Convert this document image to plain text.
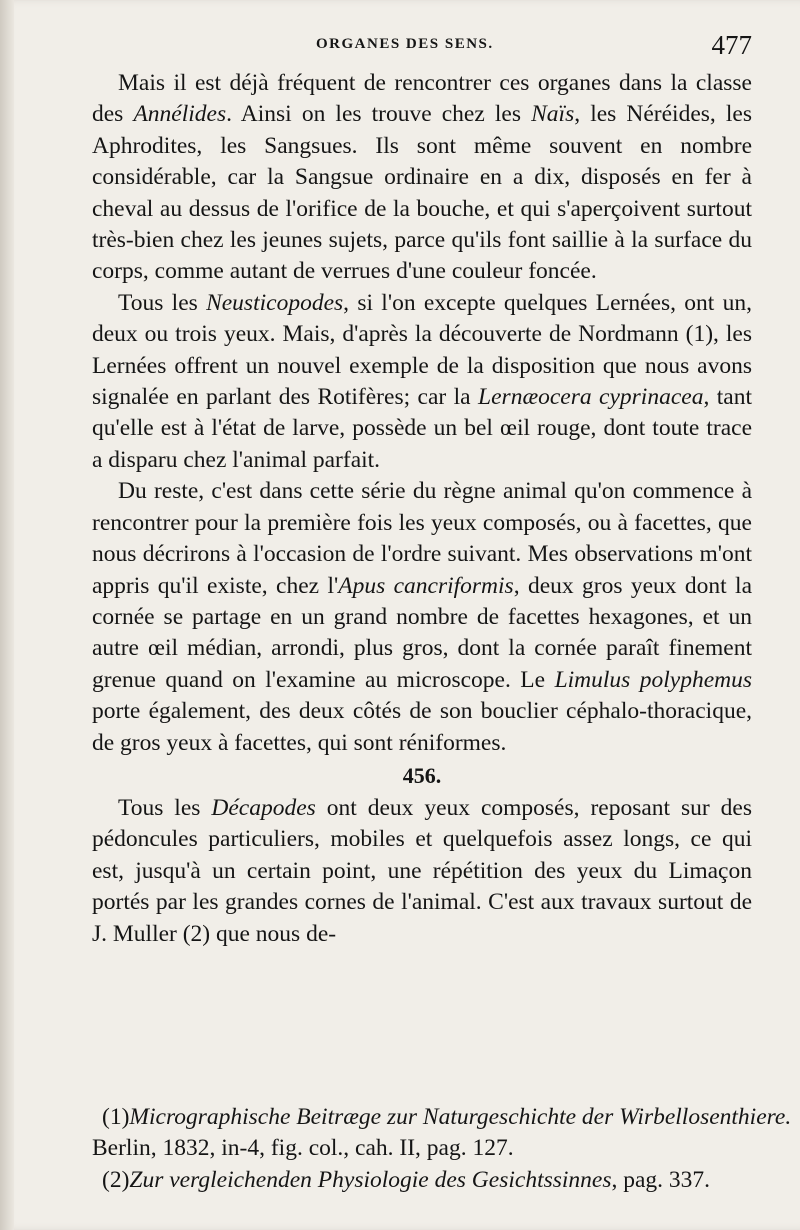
ORGANES DES SENS.	477

Mais il est déjà fréquent de rencontrer ces organes dans la classe des Annélides. Ainsi on les trouve chez les Naïs, les Néréides, les Aphrodites, les Sangsues. Ils sont même souvent en nombre considérable, car la Sangsue ordinaire en a dix, disposés en fer à cheval au dessus de l'orifice de la bouche, et qui s'aperçoivent surtout très-bien chez les jeunes sujets, parce qu'ils font saillie à la surface du corps, comme autant de verrues d'une couleur foncée.

Tous les Neusticopodes, si l'on excepte quelques Lernées, ont un, deux ou trois yeux. Mais, d'après la découverte de Nordmann (1), les Lernées offrent un nouvel exemple de la disposition que nous avons signalée en parlant des Rotifères; car la Lernæocera cyprinacea, tant qu'elle est à l'état de larve, possède un bel œil rouge, dont toute trace a disparu chez l'animal parfait.

Du reste, c'est dans cette série du règne animal qu'on commence à rencontrer pour la première fois les yeux composés, ou à facettes, que nous décrirons à l'occasion de l'ordre suivant. Mes observations m'ont appris qu'il existe, chez l'Apus cancriformis, deux gros yeux dont la cornée se partage en un grand nombre de facettes hexagones, et un autre œil médian, arrondi, plus gros, dont la cornée paraît finement grenue quand on l'examine au microscope. Le Limulus polyphemus porte également, des deux côtés de son bouclier céphalo-thoracique, de gros yeux à facettes, qui sont réniformes.

456.

Tous les Décapodes ont deux yeux composés, reposant sur des pédoncules particuliers, mobiles et quelquefois assez longs, ce qui est, jusqu'à un certain point, une répétition des yeux du Limaçon portés par les grandes cornes de l'animal. C'est aux travaux surtout de J. Muller (2) que nous de-

(1)Micrographische Beitræge zur Naturgeschichte der Wirbellosenthiere.
Berlin, 1832, in-4, fig. col., cah. II, pag. 127.

(2)Zur vergleichenden Physiologie des Gesichtssinnes, pag. 337.
